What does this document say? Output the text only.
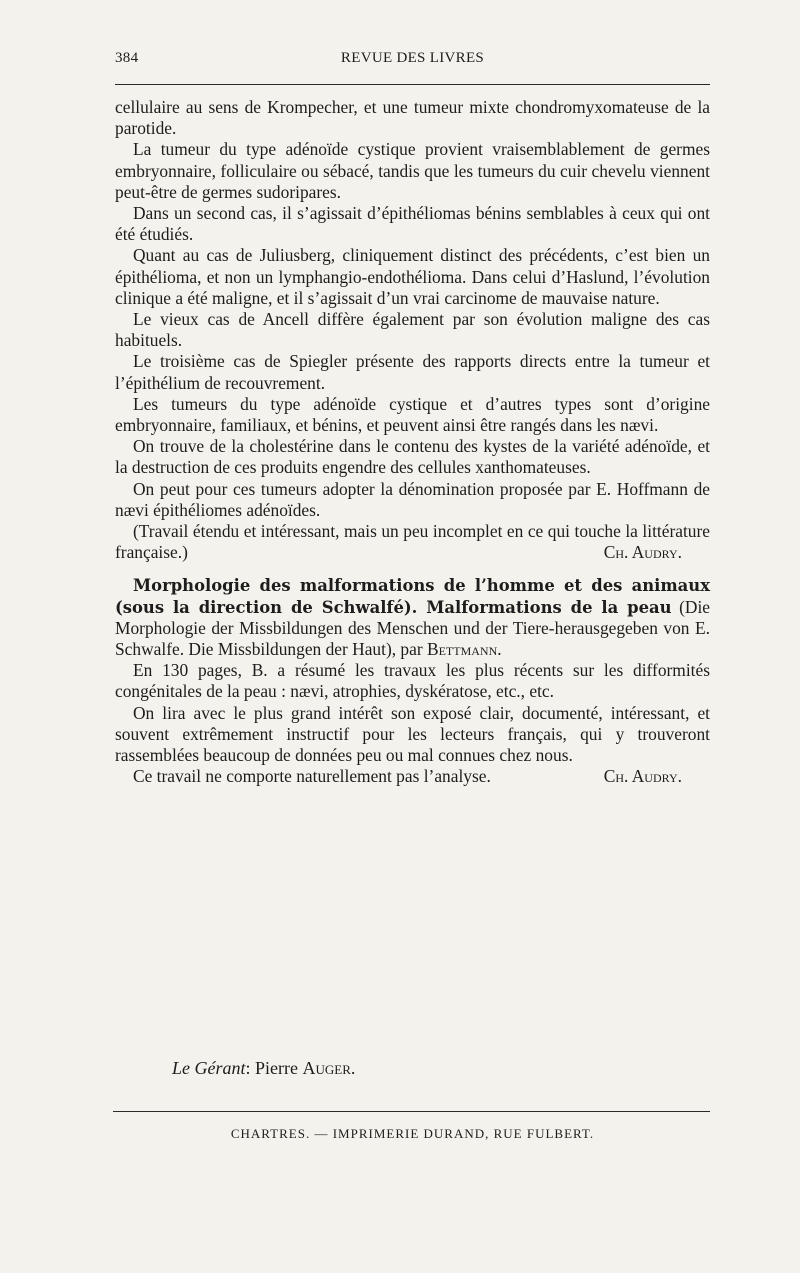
384	REVUE DES LIVRES

cellulaire au sens de Krompecher, et une tumeur mixte chondromyxomateuse de la parotide.

La tumeur du type adénoïde cystique provient vraisemblablement de germes embryonnaire, folliculaire ou sébacé, tandis que les tumeurs du cuir chevelu viennent peut-être de germes sudoripares.

Dans un second cas, il s’agissait d’épithéliomas bénins semblables à ceux qui ont été étudiés.

Quant au cas de Juliusberg, cliniquement distinct des précédents, c’est bien un épithélioma, et non un lymphangio-endothélioma. Dans celui d’Haslund, l’évolution clinique a été maligne, et il s’agissait d’un vrai carcinome de mauvaise nature.

Le vieux cas de Ancell diffère également par son évolution maligne des cas habituels.

Le troisième cas de Spiegler présente des rapports directs entre la tumeur et l’épithélium de recouvrement.

Les tumeurs du type adénoïde cystique et d’autres types sont d’origine embryonnaire, familiaux, et bénins, et peuvent ainsi être rangés dans les nævi.

On trouve de la cholestérine dans le contenu des kystes de la variété adénoïde, et la destruction de ces produits engendre des cellules xanthomateuses.

On peut pour ces tumeurs adopter la dénomination proposée par E. Hoffmann de nævi épithéliomes adénoïdes.

(Travail étendu et intéressant, mais un peu incomplet en ce qui touche la littérature française.)	Ch. Audry.

Morphologie des malformations de l’homme et des animaux (sous la direction de Schwalfé). Malformations de la peau (Die Morphologie der Missbildungen des Menschen und der Tiere-herausgegeben von E. Schwalfe. Die Missbildungen der Haut), par Bettmann.

En 130 pages, B. a résumé les travaux les plus récents sur les difformités congénitales de la peau : nævi, atrophies, dyskératose, etc., etc.

On lira avec le plus grand intérêt son exposé clair, documenté, intéressant, et souvent extrêmement instructif pour les lecteurs français, qui y trouveront rassemblées beaucoup de données peu ou mal connues chez nous.

Ce travail ne comporte naturellement pas l’analyse.	Ch. Audry.

Le Gérant: Pierre Auger.
CHARTRES. — IMPRIMERIE DURAND, RUE FULBERT.
